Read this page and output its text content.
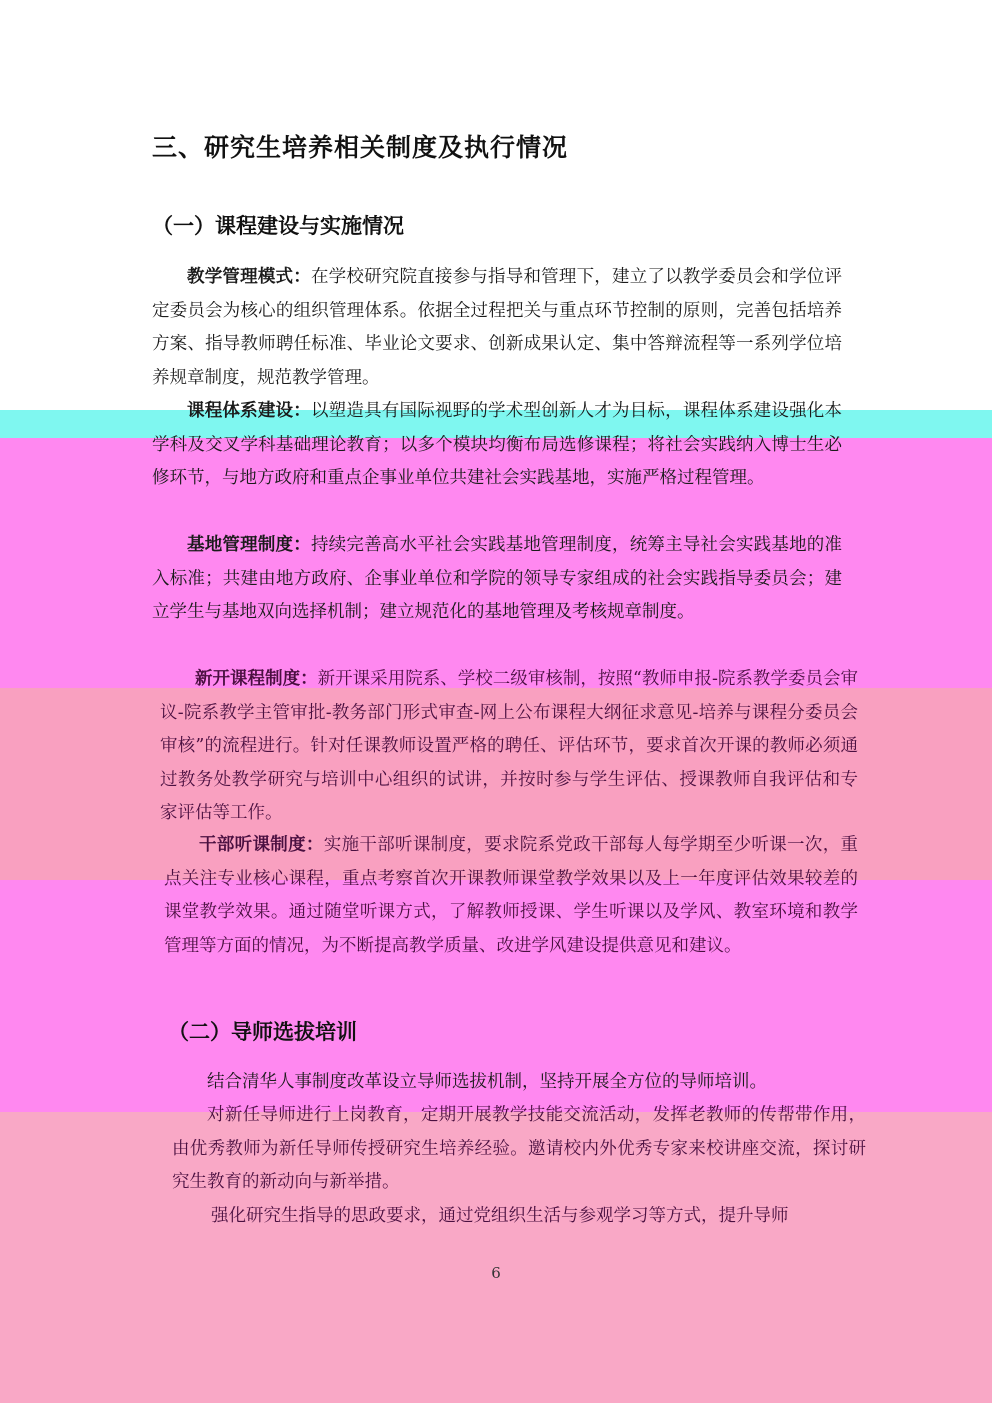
三、研究生培养相关制度及执行情况
（一）课程建设与实施情况

教学管理模式：在学校研究院直接参与指导和管理下，建立了以教学委员会和学位评定委员会为核心的组织管理体系。依据全过程把关与重点环节控制的原则，完善包括培养方案、指导教师聘任标准、毕业论文要求、创新成果认定、集中答辩流程等一系列学位培养规章制度，规范教学管理。

课程体系建设：以塑造具有国际视野的学术型创新人才为目标，课程体系建设强化本学科及交叉学科基础理论教育；以多个模块均衡布局选修课程；将社会实践纳入博士生必修环节，与地方政府和重点企事业单位共建社会实践基地，实施严格过程管理。

基地管理制度：持续完善高水平社会实践基地管理制度，统筹主导社会实践基地的准入标准；共建由地方政府、企事业单位和学院的领导专家组成的社会实践指导委员会；建立学生与基地双向选择机制；建立规范化的基地管理及考核规章制度。

新开课程制度：新开课采用院系、学校二级审核制，按照“教师申报-院系教学委员会审议-院系教学主管审批-教务部门形式审查-网上公布课程大纲征求意见-培养与课程分委员会审核”的流程进行。针对任课教师设置严格的聘任、评估环节，要求首次开课的教师必须通过教务处教学研究与培训中心组织的试讲，并按时参与学生评估、授课教师自我评估和专家评估等工作。

干部听课制度：实施干部听课制度，要求院系党政干部每人每学期至少听课一次，重点关注专业核心课程，重点考察首次开课教师课堂教学效果以及上一年度评估效果较差的课堂教学效果。通过随堂听课方式，了解教师授课、学生听课以及学风、教室环境和教学管理等方面的情况，为不断提高教学质量、改进学风建设提供意见和建议。

（二）导师选拔培训

结合清华人事制度改革设立导师选拔机制，坚持开展全方位的导师培训。

对新任导师进行上岗教育，定期开展教学技能交流活动，发挥老教师的传帮带作用，由优秀教师为新任导师传授研究生培养经验。邀请校内外优秀专家来校讲座交流，探讨研究生教育的新动向与新举措。

强化研究生指导的思政要求，通过党组织生活与参观学习等方式，提升导师

6
